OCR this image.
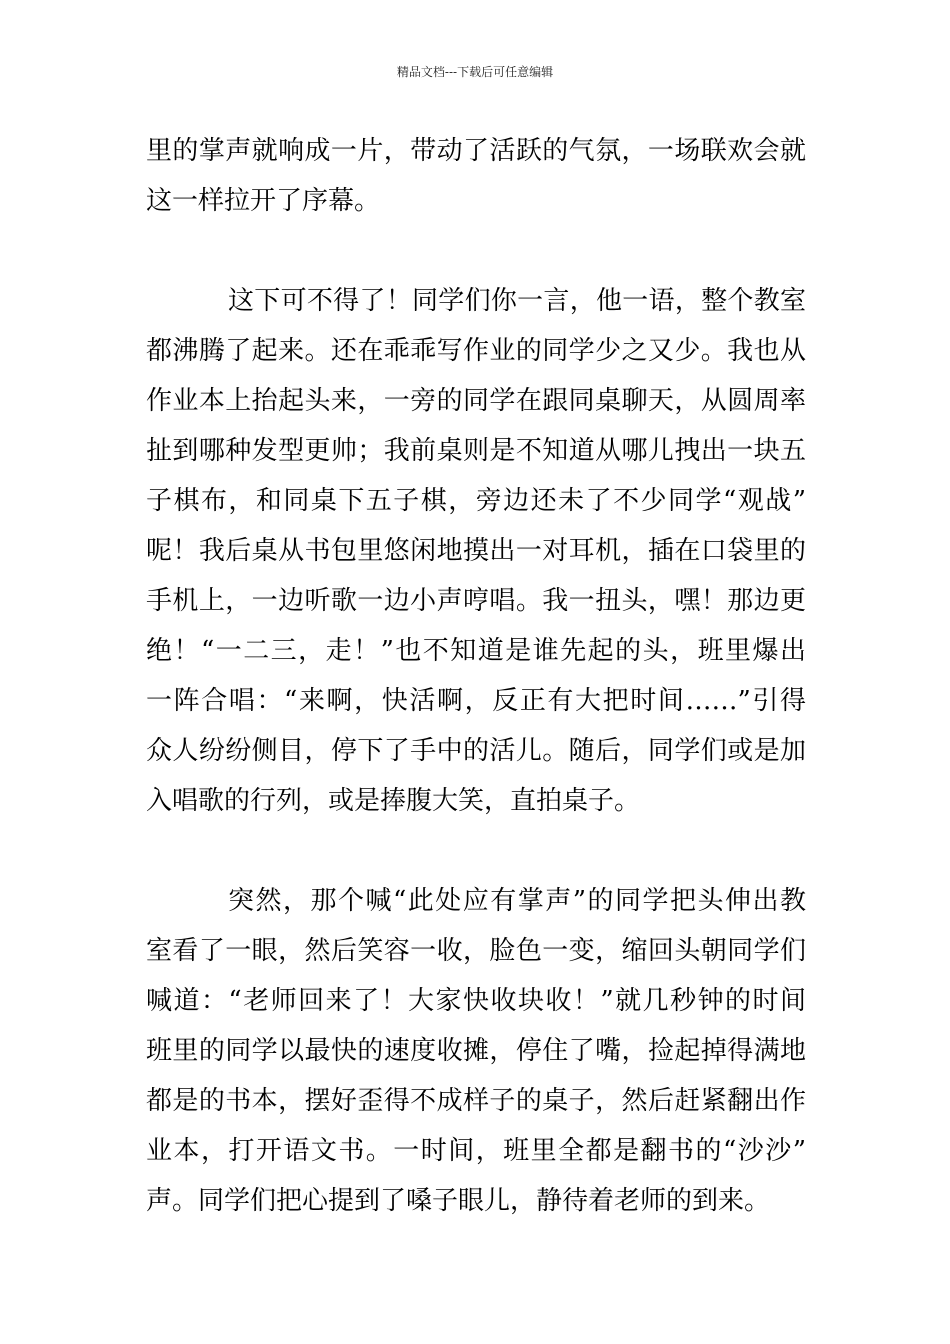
精品文档---下载后可任意编辑
里的掌声就响成一片，带动了活跃的气氛，一场联欢会就
这一样拉开了序幕。
这下可不得了！同学们你一言，他一语，整个教室
都沸腾了起来。还在乖乖写作业的同学少之又少。我也从
作业本上抬起头来，一旁的同学在跟同桌聊天，从圆周率
扯到哪种发型更帅；我前桌则是不知道从哪儿拽出一块五
子棋布，和同桌下五子棋，旁边还未了不少同学“观战”
呢！我后桌从书包里悠闲地摸出一对耳机，插在口袋里的
手机上，一边听歌一边小声哼唱。我一扭头，嘿！那边更
绝！“一二三，走！”也不知道是谁先起的头，班里爆出
一阵合唱：“来啊，快活啊，反正有大把时间……”引得
众人纷纷侧目，停下了手中的活儿。随后，同学们或是加
入唱歌的行列，或是捧腹大笑，直拍桌子。
突然，那个喊“此处应有掌声”的同学把头伸出教
室看了一眼，然后笑容一收，脸色一变，缩回头朝同学们
喊道：“老师回来了！大家快收块收！”就几秒钟的时间
班里的同学以最快的速度收摊，停住了嘴，捡起掉得满地
都是的书本，摆好歪得不成样子的桌子，然后赶紧翻出作
业本，打开语文书。一时间，班里全都是翻书的“沙沙”
声。同学们把心提到了嗓子眼儿，静待着老师的到来。
